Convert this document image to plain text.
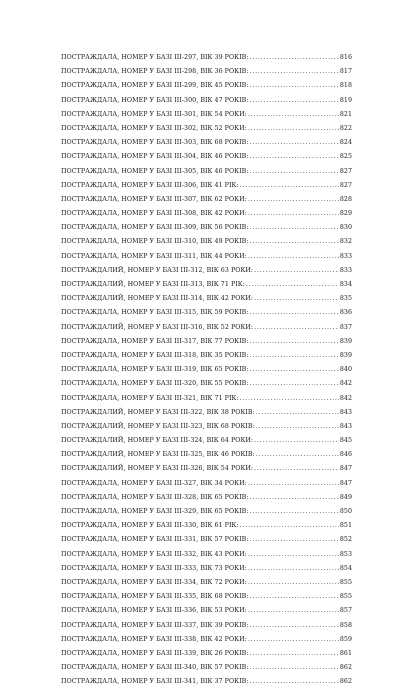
ПОСТРАЖДАЛА, НОМЕР У БАЗІ ІІІ-297, ВІК 39 РОКІВ: . . .	816
ПОСТРАЖДАЛА, НОМЕР У БАЗІ ІІІ-298, ВІК 36 РОКІВ: . . .	817
ПОСТРАЖДАЛА, НОМЕР У БАЗІ ІІІ-299, ВІК 45 РОКІВ: . . .	818
ПОСТРАЖДАЛА, НОМЕР У БАЗІ ІІІ-300, ВІК 47 РОКІВ: . . .	819
ПОСТРАЖДАЛА, НОМЕР У БАЗІ ІІІ-301, ВІК 54 РОКИ: . . .	821
ПОСТРАЖДАЛА, НОМЕР У БАЗІ ІІІ-302, ВІК 52 РОКИ: . . .	822
ПОСТРАЖДАЛА, НОМЕР У БАЗІ ІІІ-303, ВІК 68 РОКІВ: . . .	824
ПОСТРАЖДАЛА, НОМЕР У БАЗІ ІІІ-304, ВІК 46 РОКІВ: . . .	825
ПОСТРАЖДАЛА, НОМЕР У БАЗІ ІІІ-305, ВІК 46 РОКІВ: . . .	827
ПОСТРАЖДАЛА, НОМЕР У БАЗІ ІІІ-306, ВІК 41 РІК: . . .	827
ПОСТРАЖДАЛА, НОМЕР У БАЗІ ІІІ-307, ВІК 62 РОКИ: . . .	828
ПОСТРАЖДАЛА, НОМЕР У БАЗІ ІІІ-308, ВІК 42 РОКИ: . . .	829
ПОСТРАЖДАЛА, НОМЕР У БАЗІ ІІІ-309, ВІК 56 РОКІВ: . . .	830
ПОСТРАЖДАЛА, НОМЕР У БАЗІ ІІІ-310, ВІК 49 РОКІВ: . . .	832
ПОСТРАЖДАЛА, НОМЕР У БАЗІ ІІІ-311, ВІК 44 РОКИ: . . .	833
ПОСТРАЖДАЛИЙ, НОМЕР У БАЗІ ІІІ-312, ВІК 63 РОКИ: . . .	833
ПОСТРАЖДАЛИЙ, НОМЕР У БАЗІ ІІІ-313, ВІК 71 РІК: . . .	834
ПОСТРАЖДАЛИЙ, НОМЕР У БАЗІ ІІІ-314, ВІК 42 РОКИ: . . .	835
ПОСТРАЖДАЛА, НОМЕР У БАЗІ ІІІ-315, ВІК 59 РОКІВ: . . .	836
ПОСТРАЖДАЛИЙ, НОМЕР У БАЗІ ІІІ-316, ВІК 52 РОКИ: . . .	837
ПОСТРАЖДАЛА, НОМЕР У БАЗІ ІІІ-317, ВІК 77 РОКІВ: . . .	839
ПОСТРАЖДАЛА, НОМЕР У БАЗІ ІІІ-318, ВІК 35 РОКІВ: . . .	839
ПОСТРАЖДАЛА, НОМЕР У БАЗІ ІІІ-319, ВІК 65 РОКІВ: . . .	840
ПОСТРАЖДАЛА, НОМЕР У БАЗІ ІІІ-320, ВІК 55 РОКІВ: . . .	842
ПОСТРАЖДАЛА, НОМЕР У БАЗІ ІІІ-321, ВІК 71 РІК: . . .	842
ПОСТРАЖДАЛИЙ, НОМЕР У БАЗІ ІІІ-322, ВІК 38 РОКІВ: . . .	843
ПОСТРАЖДАЛИЙ, НОМЕР У БАЗІ ІІІ-323, ВІК 68 РОКІВ: . . .	843
ПОСТРАЖДАЛИЙ, НОМЕР У БАЗІ ІІІ-324, ВІК 64 РОКИ: . . .	845
ПОСТРАЖДАЛИЙ, НОМЕР У БАЗІ ІІІ-325, ВІК 46 РОКІВ: . . .	846
ПОСТРАЖДАЛИЙ, НОМЕР У БАЗІ ІІІ-326, ВІК 54 РОКИ: . . .	847
ПОСТРАЖДАЛА, НОМЕР У БАЗІ ІІІ-327, ВІК 34 РОКИ: . . .	847
ПОСТРАЖДАЛА, НОМЕР У БАЗІ ІІІ-328, ВІК 65 РОКІВ: . . .	849
ПОСТРАЖДАЛА, НОМЕР У БАЗІ ІІІ-329, ВІК 65 РОКІВ: . . .	850
ПОСТРАЖДАЛА, НОМЕР У БАЗІ ІІІ-330, ВІК 61 РІК: . . .	851
ПОСТРАЖДАЛА, НОМЕР У БАЗІ ІІІ-331, ВІК 57 РОКІВ: . . .	852
ПОСТРАЖДАЛА, НОМЕР У БАЗІ ІІІ-332, ВІК 43 РОКИ: . . .	853
ПОСТРАЖДАЛА, НОМЕР У БАЗІ ІІІ-333, ВІК 73 РОКИ: . . .	854
ПОСТРАЖДАЛА, НОМЕР У БАЗІ ІІІ-334, ВІК 72 РОКИ: . . .	855
ПОСТРАЖДАЛА, НОМЕР У БАЗІ ІІІ-335, ВІК 68 РОКІВ: . . .	855
ПОСТРАЖДАЛА, НОМЕР У БАЗІ ІІІ-336, ВІК 53 РОКИ: . . .	857
ПОСТРАЖДАЛА, НОМЕР У БАЗІ ІІІ-337, ВІК 39 РОКІВ: . . .	858
ПОСТРАЖДАЛА, НОМЕР У БАЗІ ІІІ-338, ВІК 42 РОКИ: . . .	859
ПОСТРАЖДАЛА, НОМЕР У БАЗІ ІІІ-339, ВІК 26 РОКІВ: . . .	861
ПОСТРАЖДАЛА, НОМЕР У БАЗІ ІІІ-340, ВІК 57 РОКІВ: . . .	862
ПОСТРАЖДАЛА, НОМЕР У БАЗІ ІІІ-341, ВІК 37 РОКІВ: . . .	862
